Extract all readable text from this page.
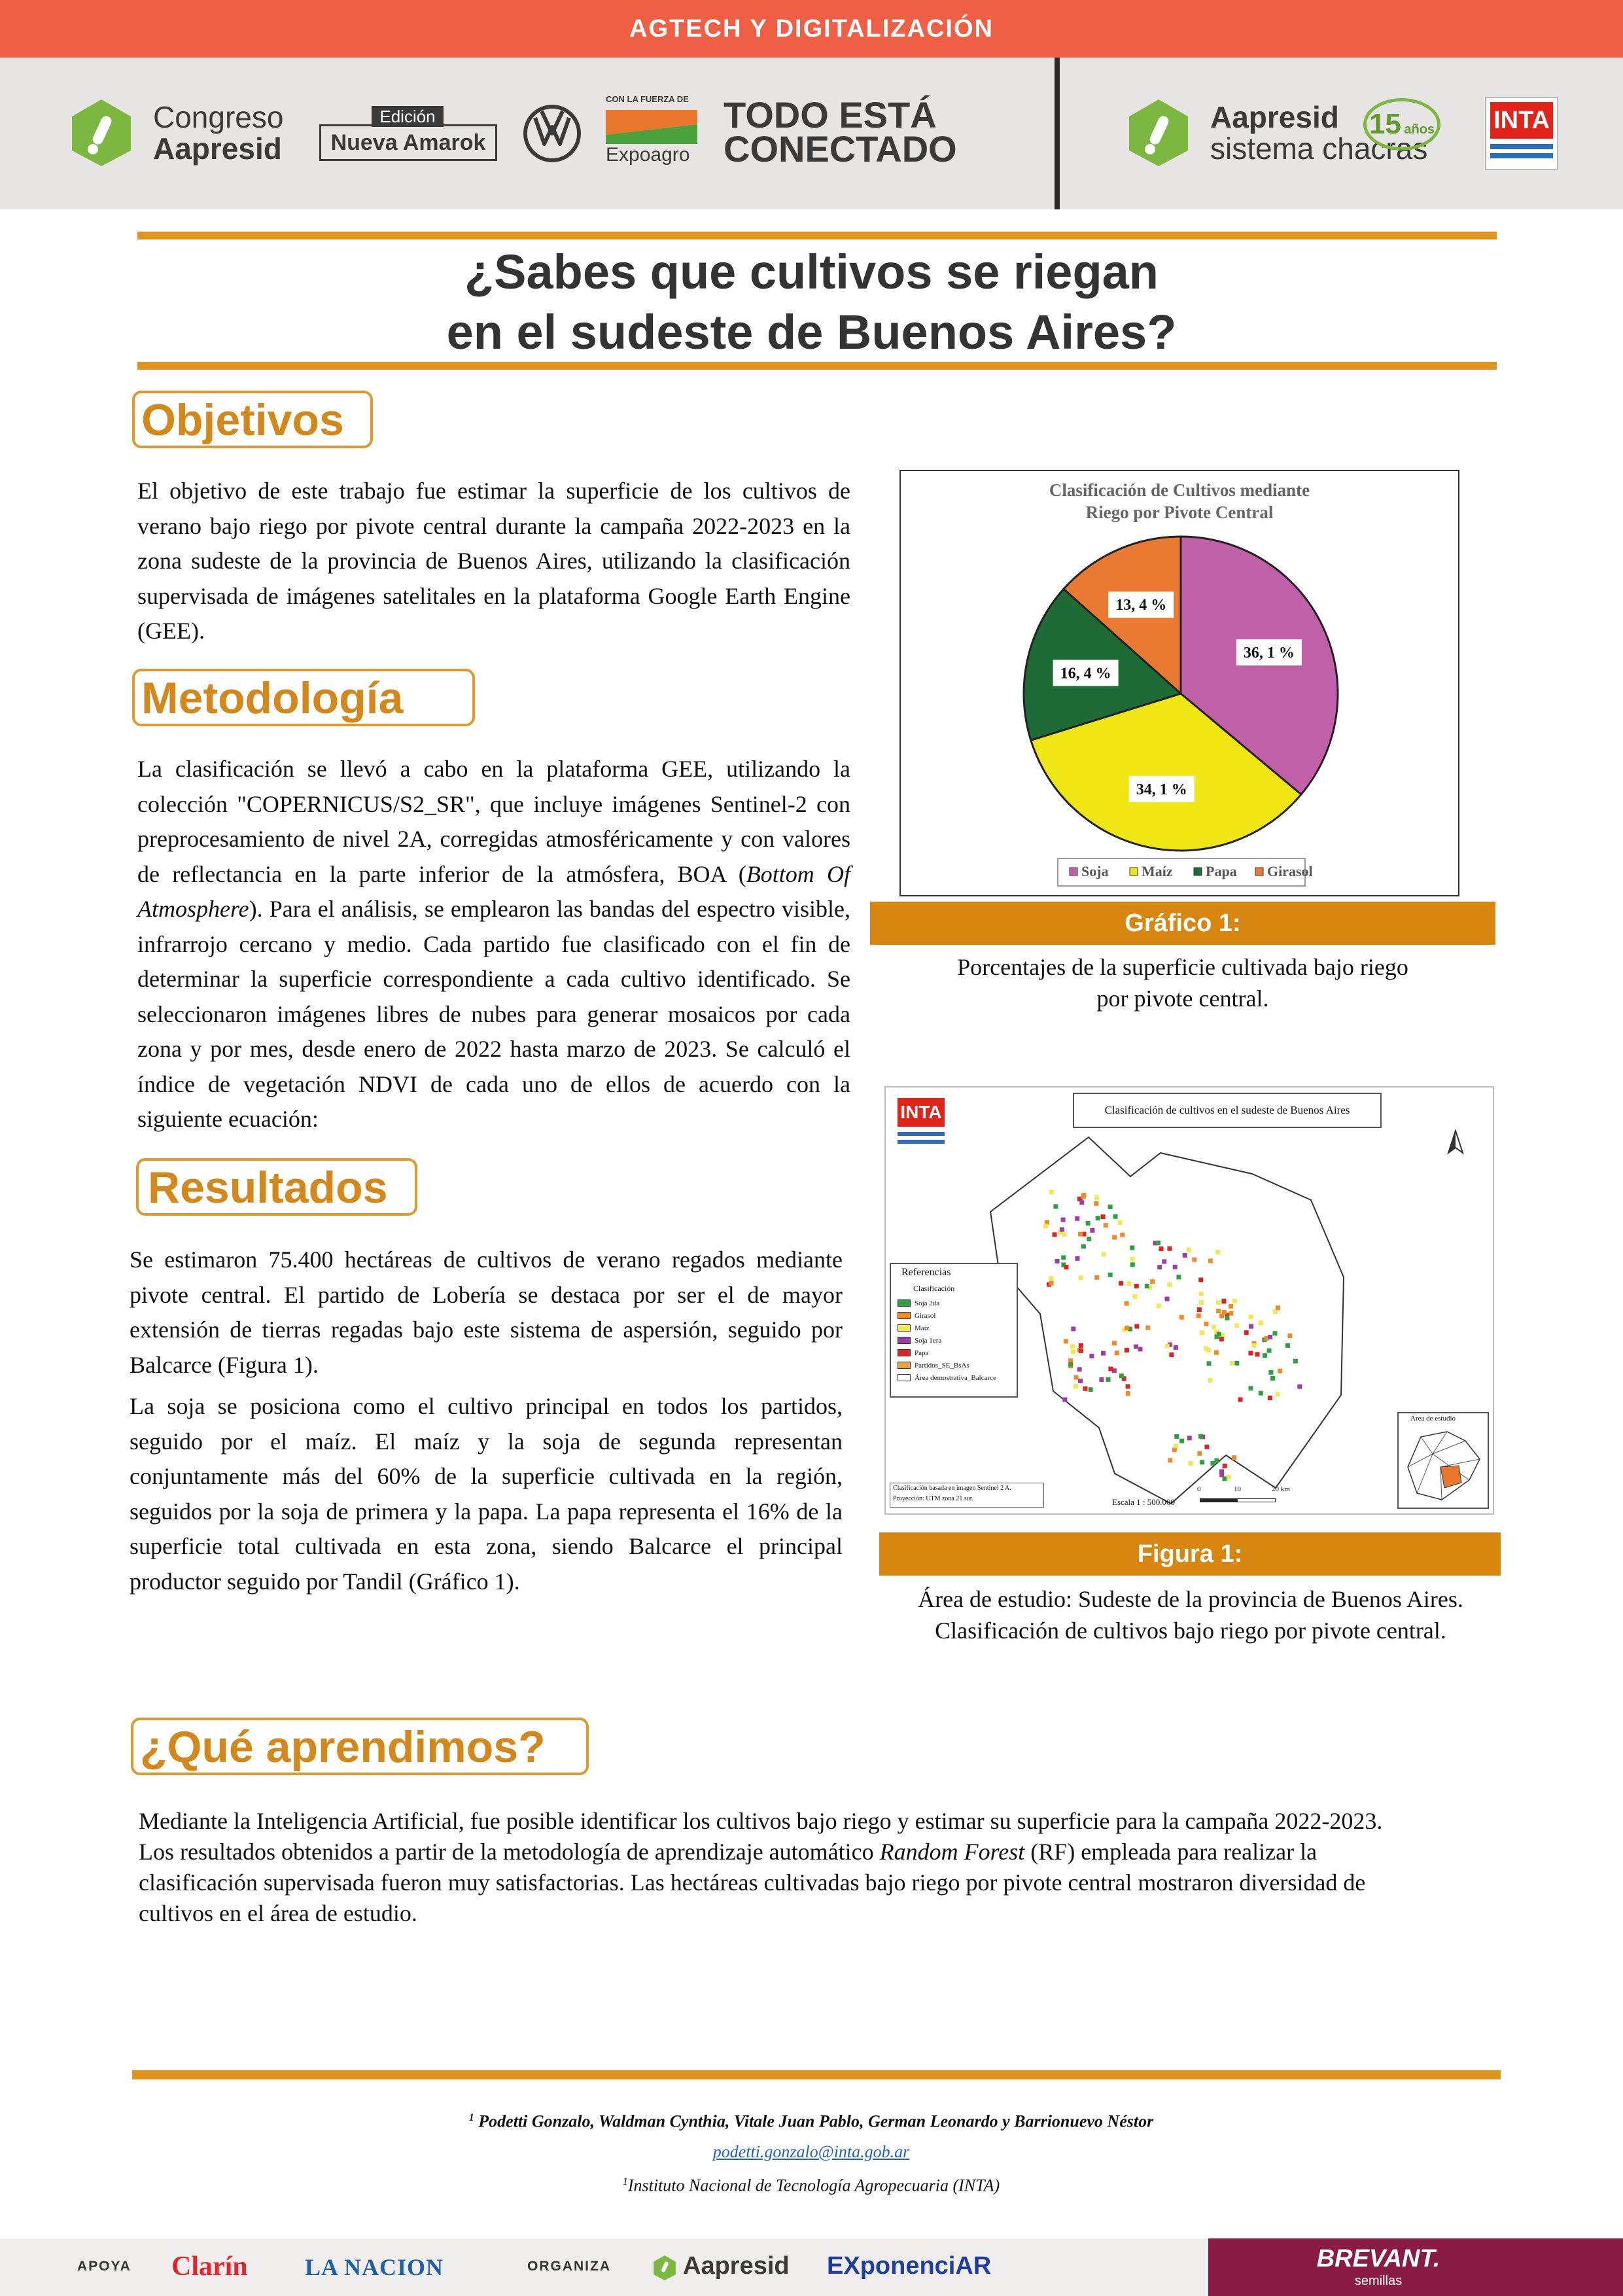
AGTECH Y DIGITALIZACIÓN
Congreso
Aapresid
Edición
Nueva Amarok
CON LA FUERZA DE
Expoagro
TODO ESTÁ
CONECTADO
Aapresid
sistema chacras
15 años INTA
¿Sabes que cultivos se riegan
en el sudeste de Buenos Aires?
Objetivos
El objetivo de este trabajo fue estimar la superficie de los cultivos de verano bajo riego por pivote central durante la campaña 2022-2023 en la zona sudeste de la provincia de Buenos Aires, utilizando la clasificación supervisada de imágenes satelitales en la plataforma Google Earth Engine (GEE).
Metodología
La clasificación se llevó a cabo en la plataforma GEE, utilizando la colección "COPERNICUS/S2_SR", que incluye imágenes Sentinel-2 con preprocesamiento de nivel 2A, corregidas atmosféricamente y con valores de reflectancia en la parte inferior de la atmósfera, BOA (Bottom Of Atmosphere). Para el análisis, se emplearon las bandas del espectro visible, infrarrojo cercano y medio. Cada partido fue clasificado con el fin de determinar la superficie correspondiente a cada cultivo identificado. Se seleccionaron imágenes libres de nubes para generar mosaicos por cada zona y por mes, desde enero de 2022 hasta marzo de 2023. Se calculó el índice de vegetación NDVI de cada uno de ellos de acuerdo con la siguiente ecuación:
Resultados
Se estimaron 75.400 hectáreas de cultivos de verano regados mediante pivote central. El partido de Lobería se destaca por ser el de mayor extensión de tierras regadas bajo este sistema de aspersión, seguido por Balcarce (Figura 1).
La soja se posiciona como el cultivo principal en todos los partidos, seguido por el maíz. El maíz y la soja de segunda representan conjuntamente más del 60% de la superficie cultivada en la región, seguidos por la soja de primera y la papa. La papa representa el 16% de la superficie total cultivada en esta zona, siendo Balcarce el principal productor seguido por Tandil (Gráfico 1).
Clasificación de Cultivos mediante
Riego por Pivote Central
36, 1 %
34, 1 %
16, 4 %
13, 4 %
Soja Maíz Papa Girasol
Gráfico 1:
Porcentajes de la superficie cultivada bajo riego
por pivote central.
INTA	Clasificación de cultivos en el sudeste de Buenos Aires
Referencias
Clasificación
Soja 2da
Girasol
Maíz
Soja 1era
Papa
Partidos_SE_BsAs
Área demostrativa_Balcarce
Clasificación basada en imagen Sentinel 2 A.
Proyección: UTM zona 21 sur.	Escala 1 : 500.000
0	10	20 km
Área de estudio
Figura 1:
Área de estudio: Sudeste de la provincia de Buenos Aires.
Clasificación de cultivos bajo riego por pivote central.
¿Qué aprendimos?
Mediante la Inteligencia Artificial, fue posible identificar los cultivos bajo riego y estimar su superficie para la campaña 2022-2023.
Los resultados obtenidos a partir de la metodología de aprendizaje automático Random Forest (RF) empleada para realizar la
clasificación supervisada fueron muy satisfactorias. Las hectáreas cultivadas bajo riego por pivote central mostraron diversidad de
cultivos en el área de estudio.
$^1$ Podetti Gonzalo, Waldman Cynthia, Vitale Juan Pablo, German Leonardo y Barrionuevo Néstor
podetti.gonzalo@inta.gob.ar
$^1$Instituto Nacional de Tecnología Agropecuaria (INTA)
APOYA Clarín LA NACION	ORGANIZA	Aapresid EXponenciAR	BREVANT.
semillas
